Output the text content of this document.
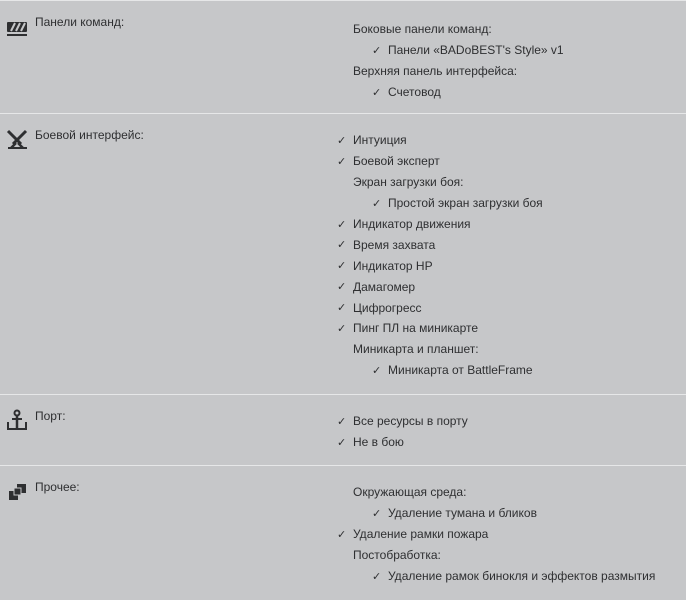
Панели команд:
Боковые панели команд:
✓ Панели «BADoBEST's Style» v1
Верхняя панель интерфейса:
✓ Счетовод
Боевой интерфейс:	✓ Интуиция
✓ Боевой эксперт
Экран загрузки боя:
✓ Простой экран загрузки боя
✓ Индикатор движения
✓ Время захвата
✓ Индикатор HP
✓ Дамагомер
✓ Цифрогресс
✓ Пинг ПЛ на миникарте
Миникарта и планшет:
✓ Миникарта от BattleFrame
Порт:	✓ Все ресурсы в порту
✓ Не в бою
Прочее:	Окружающая среда:
✓ Удаление тумана и бликов
✓ Удаление рамки пожара
Постобработка:
✓ Удаление рамок бинокля и эффектов размытия
